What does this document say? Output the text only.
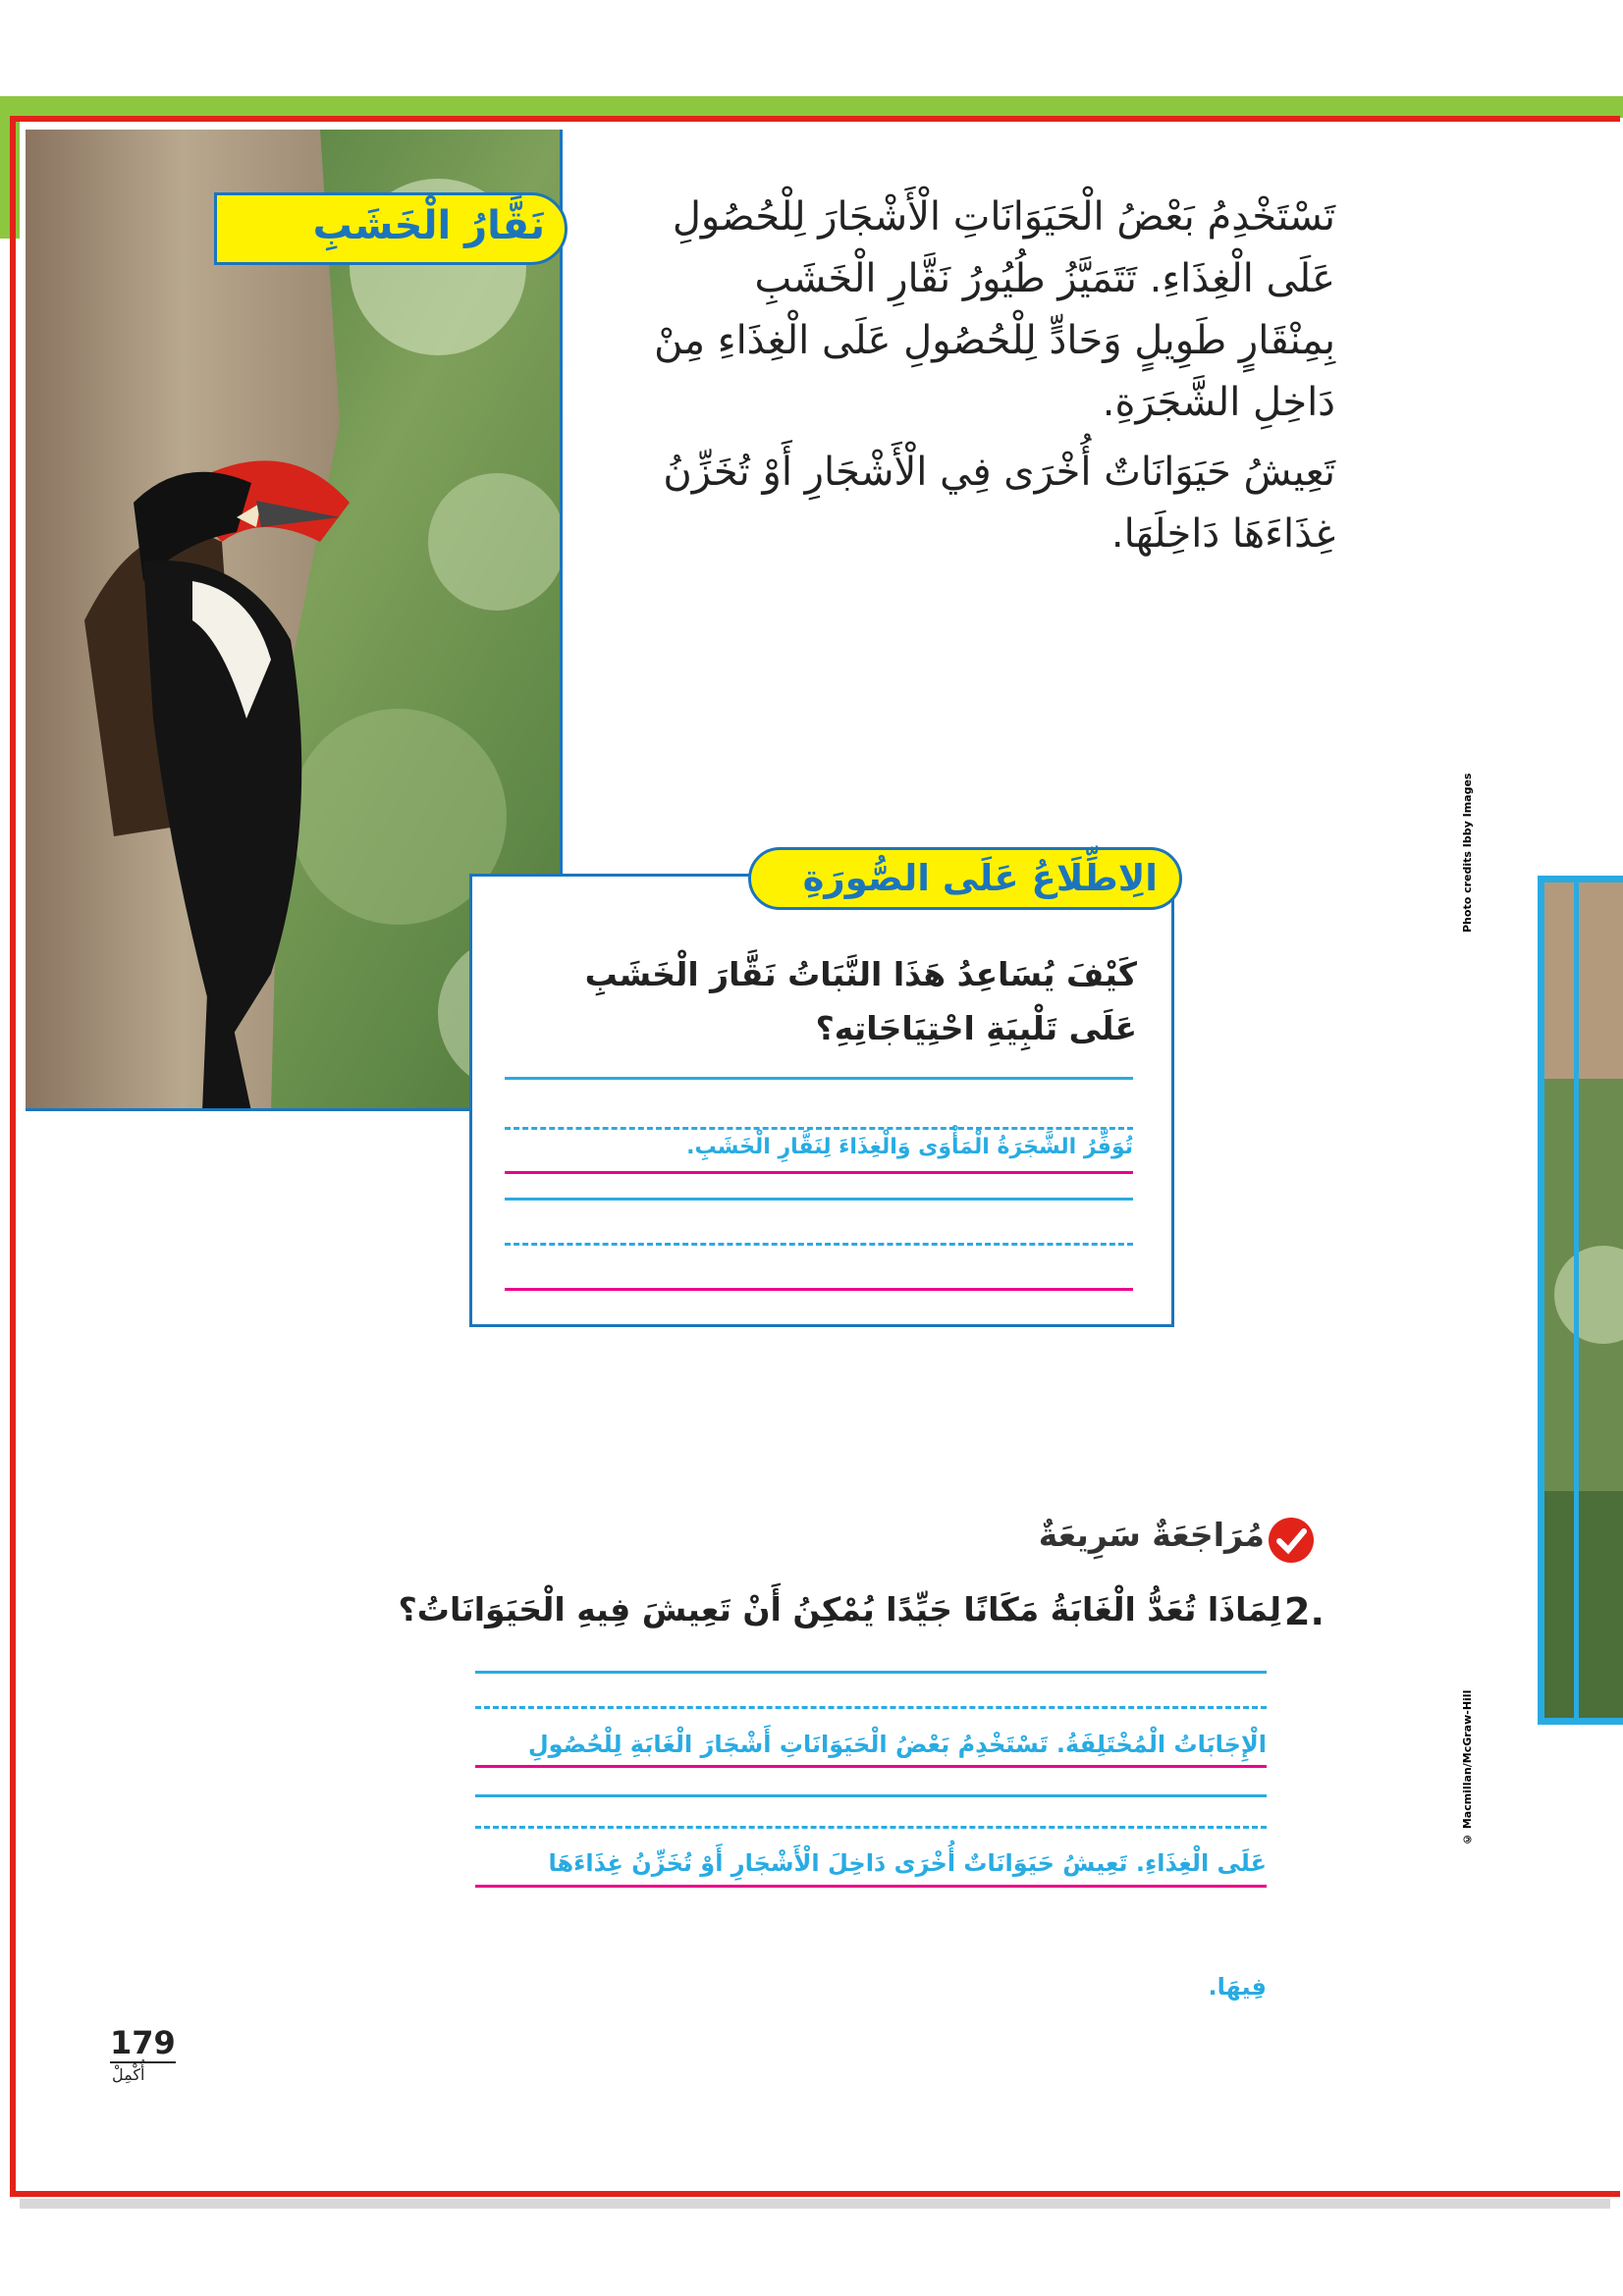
نَقَّارُ الْخَشَبِ	تَسْتَخْدِمُ بَعْضُ الْحَيَوَانَاتِ الْأَشْجَارَ لِلْحُصُولِ عَلَى الْغِذَاءِ. تَتَمَيَّزُ طُيُورُ نَقَّارِ الْخَشَبِ بِمِنْقَارٍ طَوِيلٍ وَحَادٍّ لِلْحُصُولِ عَلَى الْغِذَاءِ مِنْ دَاخِلِ الشَّجَرَةِ.

تَعِيشُ حَيَوَانَاتٌ أُخْرَى فِي الْأَشْجَارِ أَوْ تُخَزِّنُ غِذَاءَهَا دَاخِلَهَا.

Photo credits Ibby Images
© Macmillan/McGraw-Hill
الِاطِّلَاعُ عَلَى الصُّورَةِ
كَيْفَ يُسَاعِدُ هَذَا النَّبَاتُ نَقَّارَ الْخَشَبِ عَلَى تَلْبِيَةِ احْتِيَاجَاتِهِ؟
تُوَفِّرُ الشَّجَرَةُ الْمَأْوَى وَالْغِذَاءَ لِنَقَّارِ الْخَشَبِ.
مُرَاجَعَةٌ سَرِيعَةٌ
2.
لِمَاذَا تُعَدُّ الْغَابَةُ مَكَانًا جَيِّدًا يُمْكِنُ أَنْ تَعِيشَ فِيهِ الْحَيَوَانَاتُ؟
الْإِجَابَاتُ الْمُخْتَلِفَةُ. تَسْتَخْدِمُ بَعْضُ الْحَيَوَانَاتِ أَشْجَارَ الْغَابَةِ لِلْحُصُولِ
عَلَى الْغِذَاءِ. تَعِيشُ حَيَوَانَاتٌ أُخْرَى دَاخِلَ الْأَشْجَارِ أَوْ تُخَزِّنُ غِذَاءَهَا
فِيهَا.
179
أُكْمِلْ
